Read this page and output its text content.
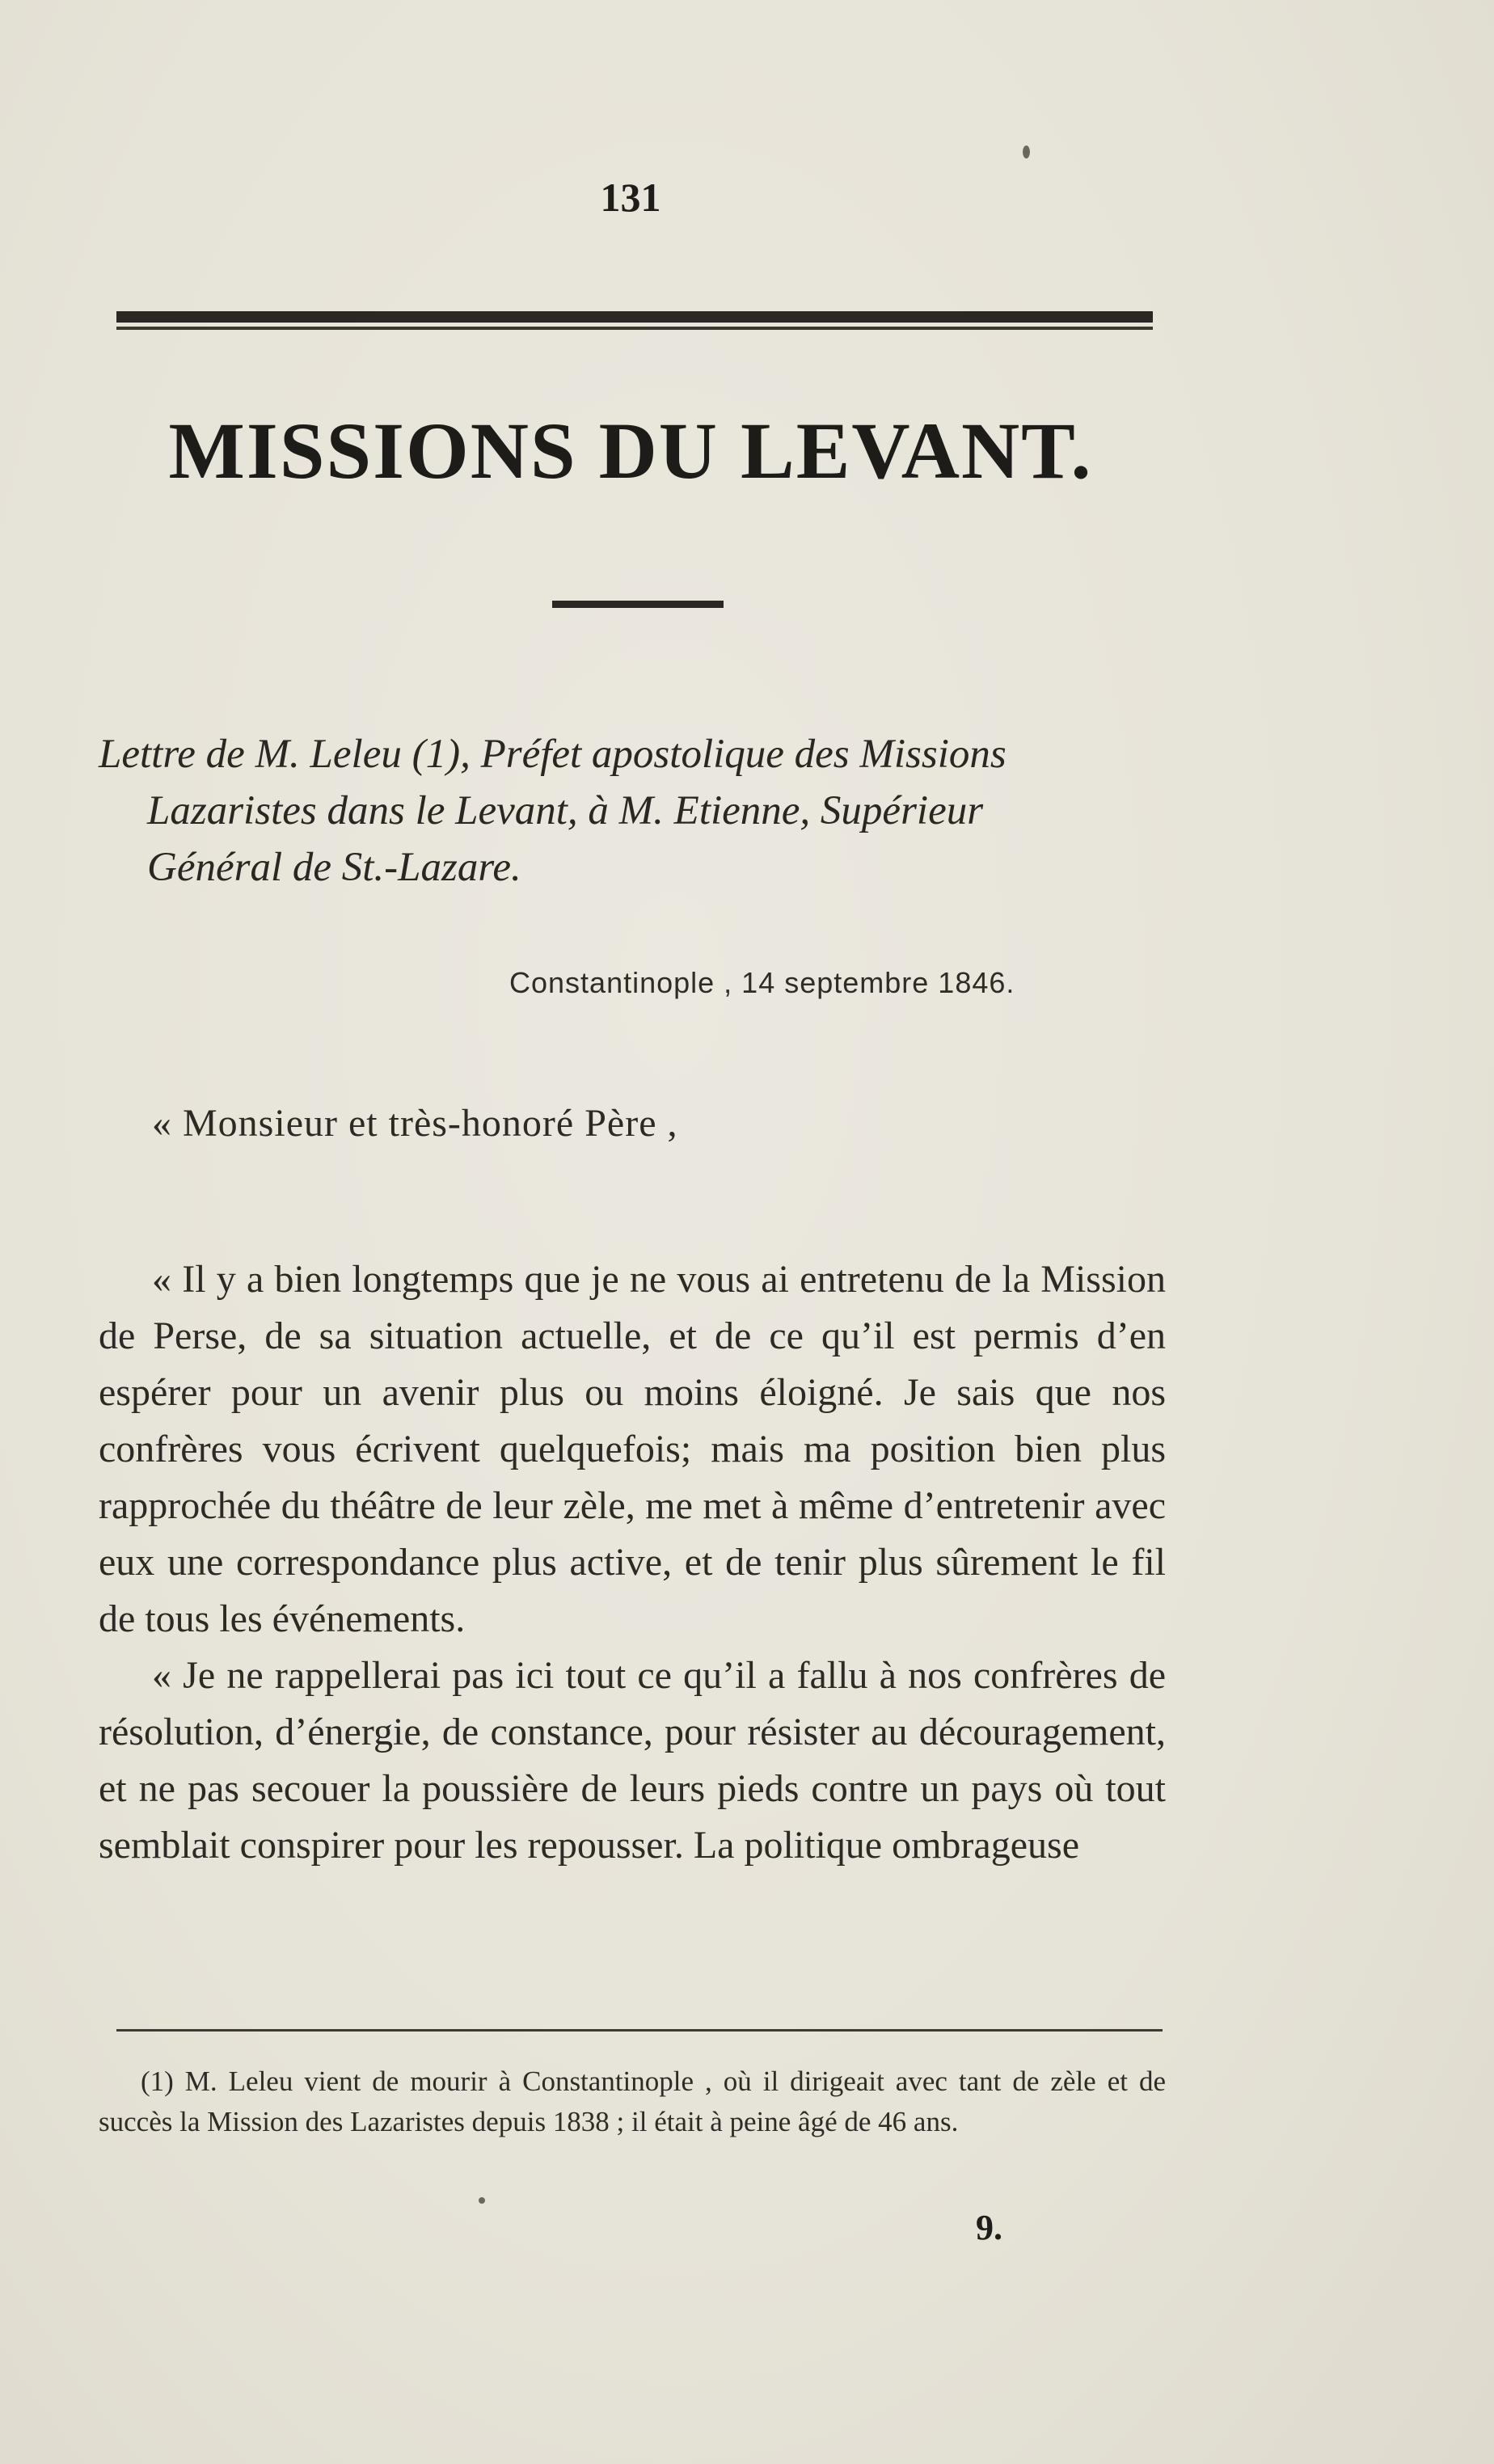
131
MISSIONS DU LEVANT.

Lettre de M. Leleu (1), Préfet apostolique des Missions

Lazaristes dans le Levant, à M. Etienne, Supérieur

Général de St.-Lazare.

Constantinople , 14 septembre 1846.
« Monsieur et très-honoré Père ,

« Il y a bien longtemps que je ne vous ai entretenu de la Mission de Perse, de sa situation actuelle, et de ce qu’il est permis d’en espérer pour un avenir plus ou moins éloigné. Je sais que nos confrères vous écrivent quelquefois; mais ma position bien plus rapprochée du théâtre de leur zèle, me met à même d’entretenir avec eux une correspondance plus active, et de tenir plus sûrement le fil de tous les événements.

« Je ne rappellerai pas ici tout ce qu’il a fallu à nos confrères de résolution, d’énergie, de constance, pour résister au découragement, et ne pas secouer la poussière de leurs pieds contre un pays où tout semblait conspirer pour les repousser. La politique ombrageuse

(1) M. Leleu vient de mourir à Constantinople , où il dirigeait avec tant de zèle et de succès la Mission des Lazaristes depuis 1838 ; il était à peine âgé de 46 ans.

9.
